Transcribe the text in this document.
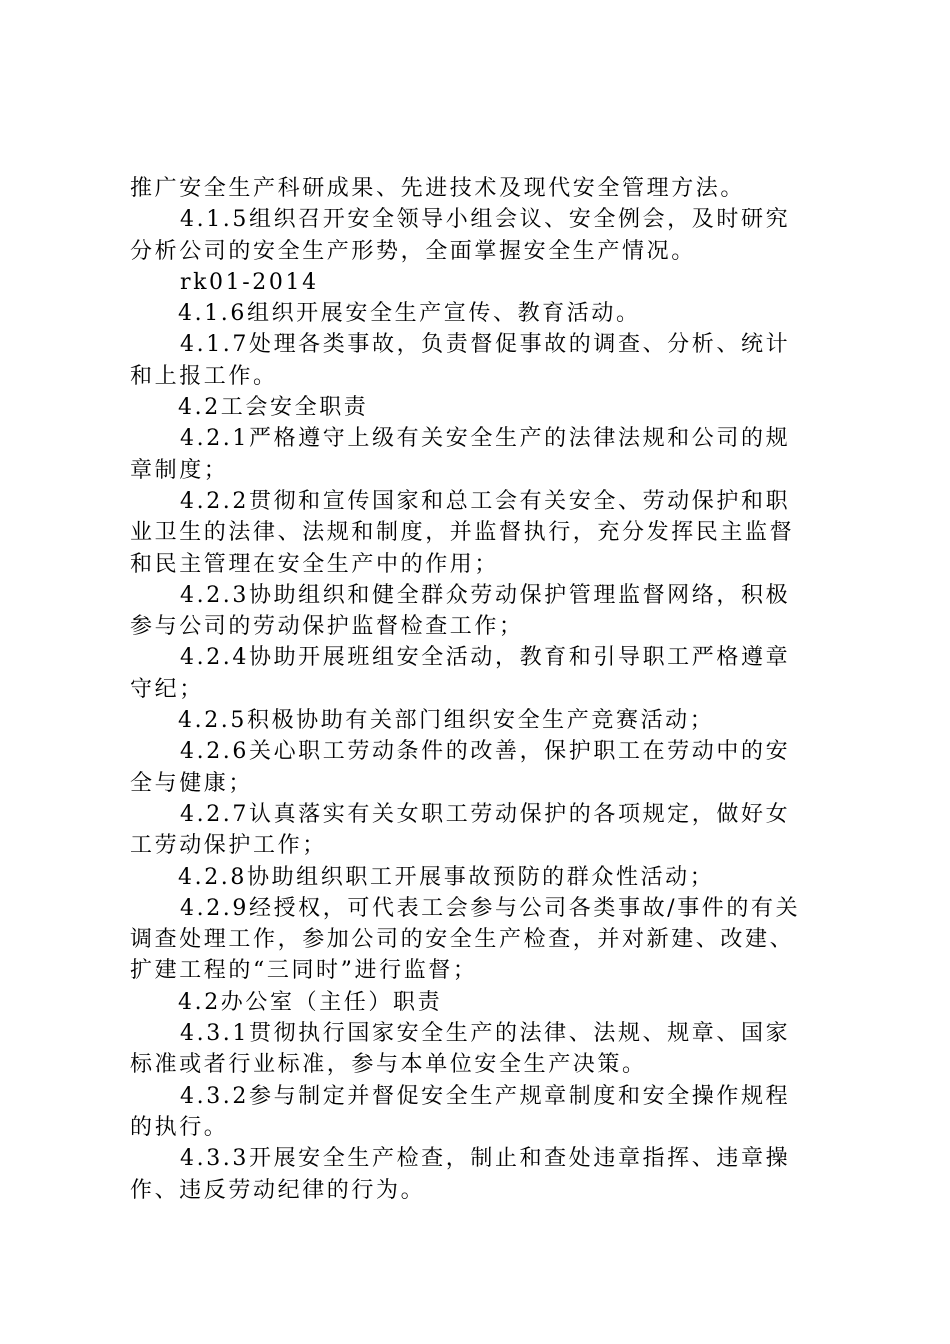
推广安全生产科研成果、先进技术及现代安全管理方法。
4.1.5组织召开安全领导小组会议、安全例会，及时研究
分析公司的安全生产形势，全面掌握安全生产情况。
rk01-2014
4.1.6组织开展安全生产宣传、教育活动。
4.1.7处理各类事故，负责督促事故的调查、分析、统计
和上报工作。
4.2工会安全职责
4.2.1严格遵守上级有关安全生产的法律法规和公司的规
章制度；
4.2.2贯彻和宣传国家和总工会有关安全、劳动保护和职
业卫生的法律、法规和制度，并监督执行，充分发挥民主监督
和民主管理在安全生产中的作用；
4.2.3协助组织和健全群众劳动保护管理监督网络，积极
参与公司的劳动保护监督检查工作；
4.2.4协助开展班组安全活动，教育和引导职工严格遵章
守纪；
4.2.5积极协助有关部门组织安全生产竞赛活动；
4.2.6关心职工劳动条件的改善，保护职工在劳动中的安
全与健康；
4.2.7认真落实有关女职工劳动保护的各项规定，做好女
工劳动保护工作；
4.2.8协助组织职工开展事故预防的群众性活动；
4.2.9经授权，可代表工会参与公司各类事故/事件的有关
调查处理工作，参加公司的安全生产检查，并对新建、改建、
扩建工程的“三同时”进行监督；
4.2办公室（主任）职责
4.3.1贯彻执行国家安全生产的法律、法规、规章、国家
标准或者行业标准，参与本单位安全生产决策。
4.3.2参与制定并督促安全生产规章制度和安全操作规程
的执行。
4.3.3开展安全生产检查，制止和查处违章指挥、违章操
作、违反劳动纪律的行为。
